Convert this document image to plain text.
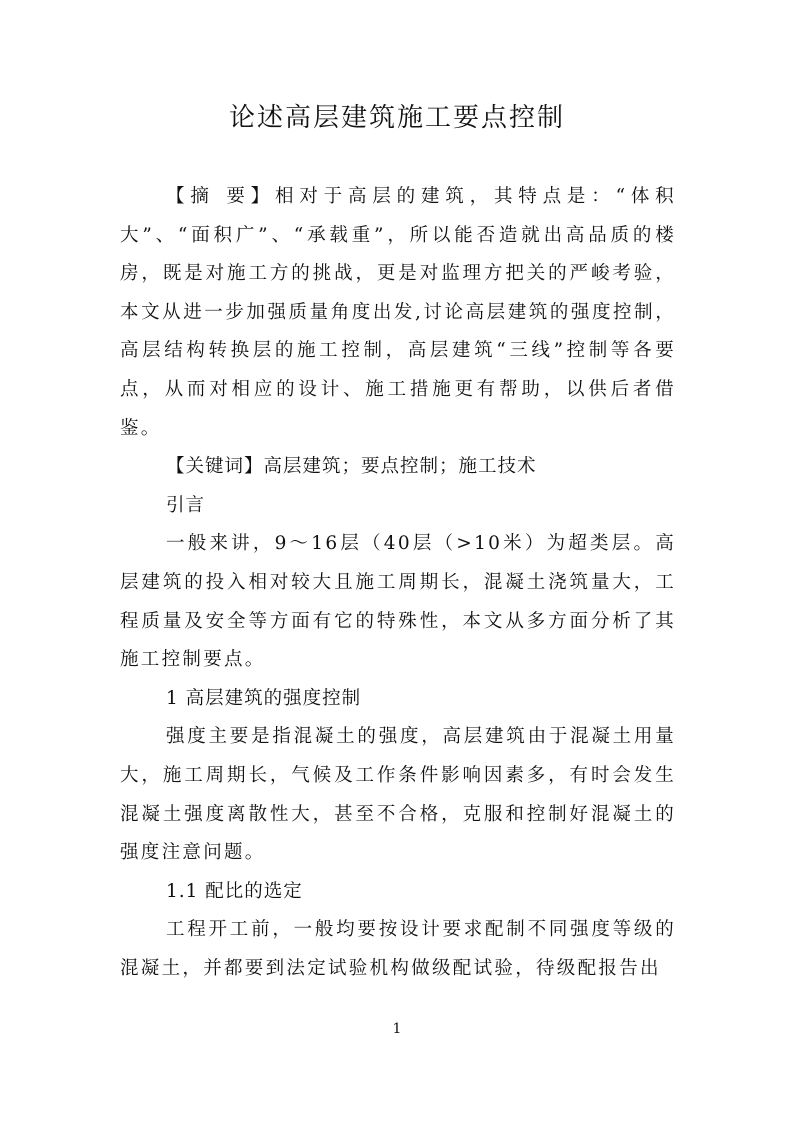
论述高层建筑施工要点控制

【摘 要】相对于高层的建筑，其特点是：“体积大”、“面积广”、“承载重”，所以能否造就出高品质的楼房，既是对施工方的挑战，更是对监理方把关的严峻考验，本文从进一步加强质量角度出发,讨论高层建筑的强度控制，高层结构转换层的施工控制，高层建筑“三线”控制等各要点，从而对相应的设计、施工措施更有帮助，以供后者借鉴。

【关键词】高层建筑；要点控制；施工技术

引言

一般来讲，9～16层（40层（>10米）为超类层。高层建筑的投入相对较大且施工周期长，混凝土浇筑量大，工程质量及安全等方面有它的特殊性，本文从多方面分析了其施工控制要点。

1 高层建筑的强度控制

强度主要是指混凝土的强度，高层建筑由于混凝土用量大，施工周期长，气候及工作条件影响因素多，有时会发生混凝土强度离散性大，甚至不合格，克服和控制好混凝土的强度注意问题。

1.1 配比的选定

工程开工前，一般均要按设计要求配制不同强度等级的混凝土，并都要到法定试验机构做级配试验，待级配报告出

1
